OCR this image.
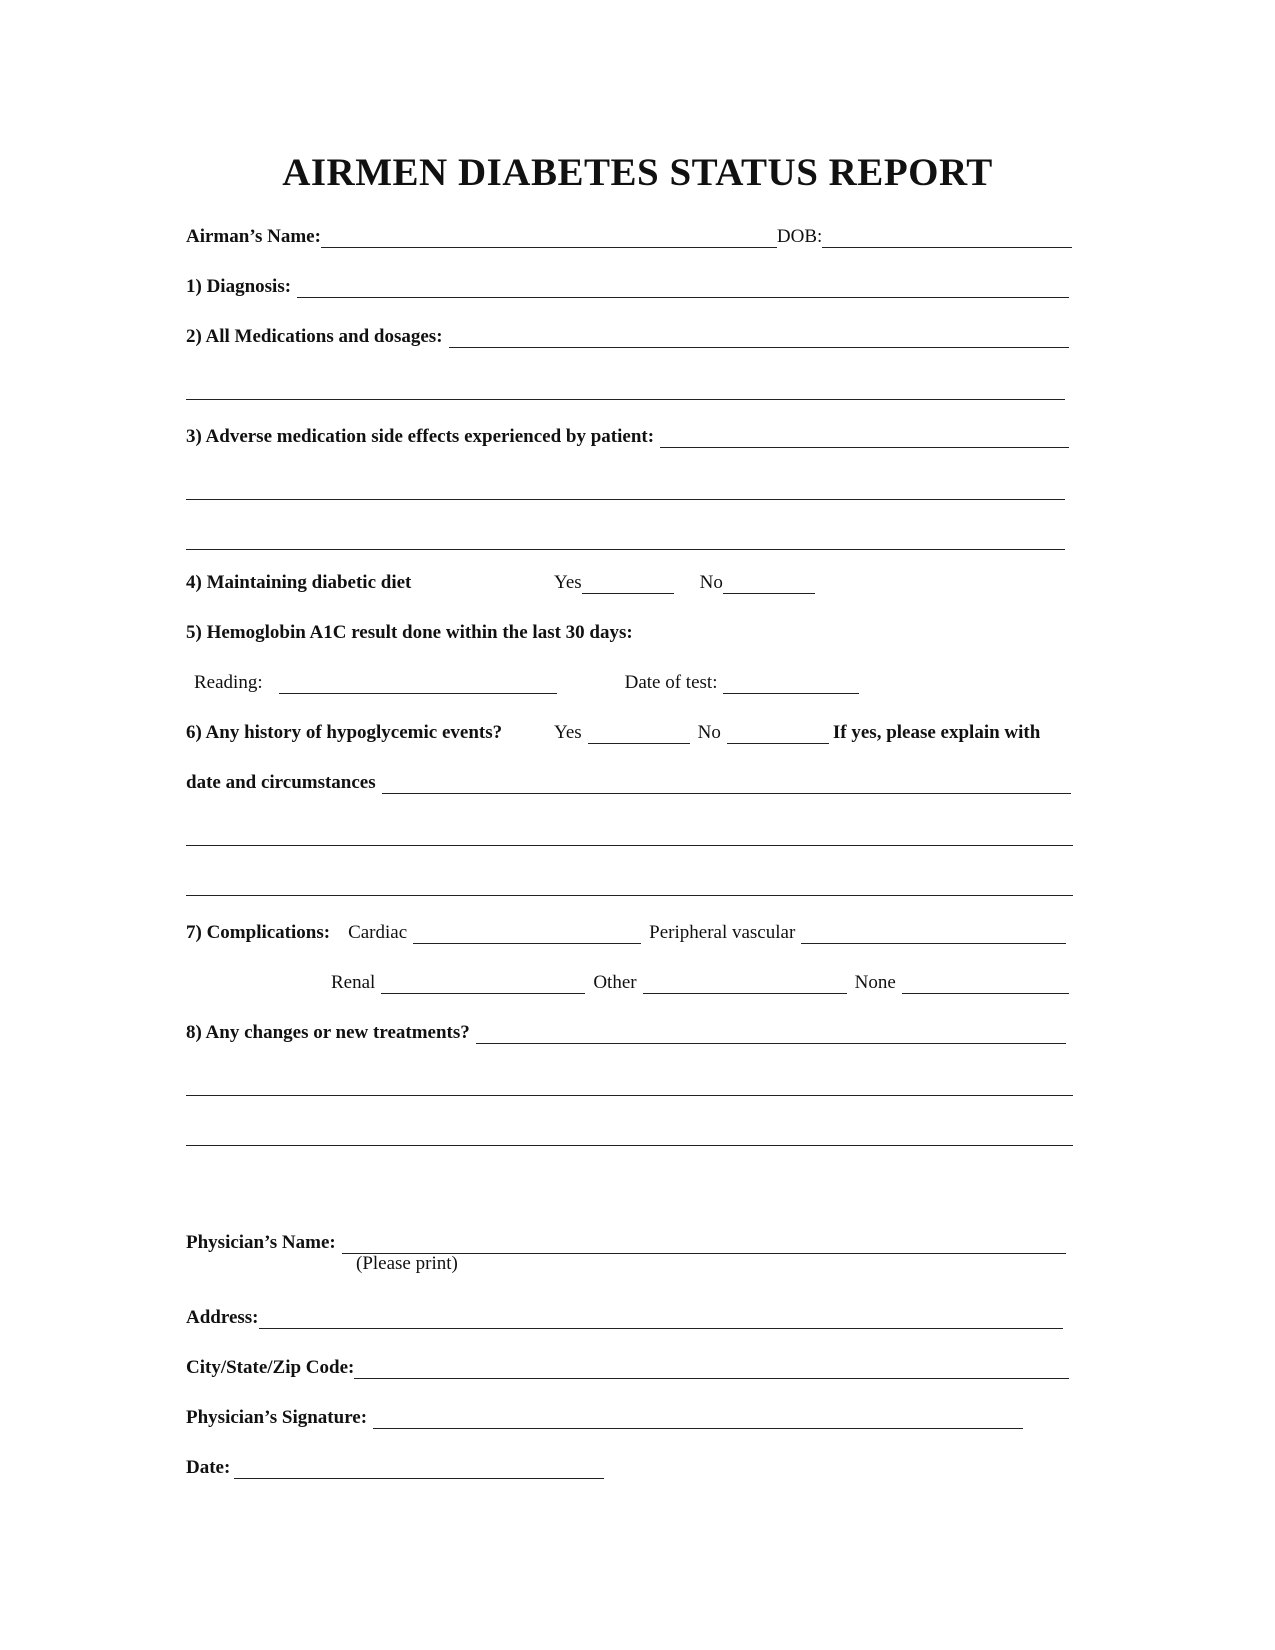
AIRMEN DIABETES STATUS REPORT
Airman’s Name:	DOB:
1) Diagnosis:
2) All Medications and dosages:
3) Adverse medication side effects experienced by patient:
4) Maintaining diabetic diet	Yes	No
5) Hemoglobin A1C result done within the last 30 days:
Reading:	Date of test:
6) Any history of hypoglycemic events?	Yes	No	If yes, please explain with
date and circumstances
7) Complications: Cardiac	Peripheral vascular
Renal	Other	None
8) Any changes or new treatments?
Physician’s Name:
(Please print)
Address:
City/State/Zip Code:
Physician’s Signature:
Date:
